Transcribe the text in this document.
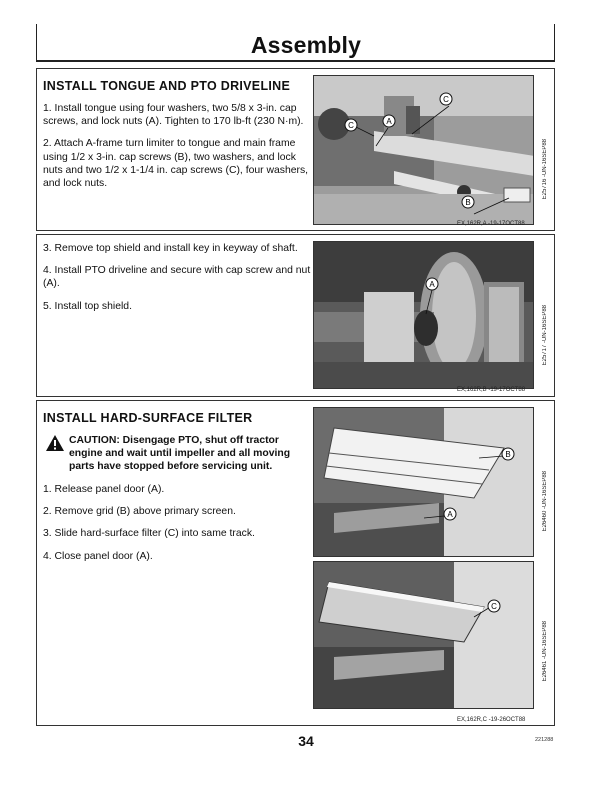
Assembly
INSTALL TONGUE AND PTO DRIVELINE

1. Install tongue using four washers, two 5/8 x 3-in. cap screws, and lock nuts (A). Tighten to 170 lb-ft (230 N·m).

2. Attach A-frame turn limiter to tongue and main frame using 1/2 x 3-in. cap screws (B), two washers, and lock nuts and two 1/2 x 1-1/4 in. cap screws (C), four washers, and lock nuts.	E25716 -UN-16SEP88
EX,162R,A -19-17OCT88
C
C	A
B

3. Remove top shield and install key in keyway of shaft.

4. Install PTO driveline and secure with cap screw and nut (A).

5. Install top shield.	E25717 -UN-16SEP88
EX,162R,B -19-17OCT88
A
INSTALL HARD-SURFACE FILTER
CAUTION: Disengage PTO, shut off tractor engine and wait until impeller and all moving parts have stopped before servicing unit.

1. Release panel door (A).

2. Remove grid (B) above primary screen.

3. Slide hard-surface filter (C) into same track.

4. Close panel door (A).

E26460 -UN-16SEP88
E26461 -UN-16SEP88
EX,162R,C -19-26OCT88
B
A
C
34	221288
